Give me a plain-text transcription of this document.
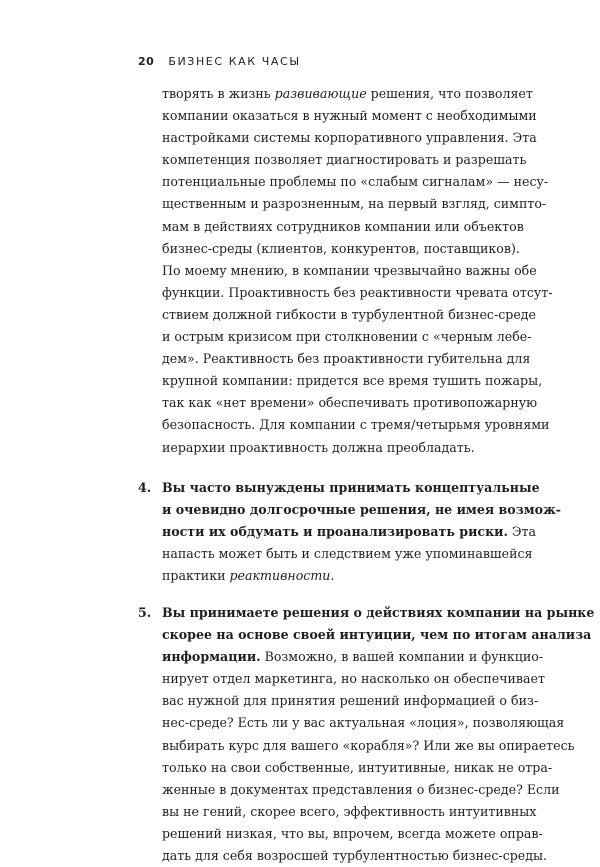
20 БИЗНЕС КАК ЧАСЫ
творять в жизнь развивающие решения, что позволяет
компании оказаться в нужный момент с необходимыми
настройками системы корпоративного управления. Эта
компетенция позволяет диагностировать и разрешать
потенциальные проблемы по «слабым сигналам» — несу-
щественным и разрозненным, на первый взгляд, симпто-
мам в действиях сотрудников компании или объектов
бизнес-среды (клиентов, конкурентов, поставщиков).
По моему мнению, в компании чрезвычайно важны обе
функции. Проактивность без реактивности чревата отсут-
ствием должной гибкости в турбулентной бизнес-среде
и острым кризисом при столкновении с «черным лебе-
дем». Реактивность без проактивности губительна для
крупной компании: придется все время тушить пожары,
так как «нет времени» обеспечивать противопожарную
безопасность. Для компании с тремя/четырьмя уровнями
иерархии проактивность должна преобладать.
4. Вы часто вынуждены принимать концептуальные
и очевидно долгосрочные решения, не имея возмож-
ности их обдумать и проанализировать риски. Эта
напасть может быть и следствием уже упоминавшейся
практики реактивности.
5. Вы принимаете решения о действиях компании на рынке
скорее на основе своей интуиции, чем по итогам анализа
информации. Возможно, в вашей компании и функцио-
нирует отдел маркетинга, но насколько он обеспечивает
вас нужной для принятия решений информацией о биз-
нес-среде? Есть ли у вас актуальная «лоция», позволяющая
выбирать курс для вашего «корабля»? Или же вы опираетесь
только на свои собственные, интуитивные, никак не отра-
женные в документах представления о бизнес-среде? Если
вы не гений, скорее всего, эффективность интуитивных
решений низкая, что вы, впрочем, всегда можете оправ-
дать для себя возросшей турбулентностью бизнес-среды.
